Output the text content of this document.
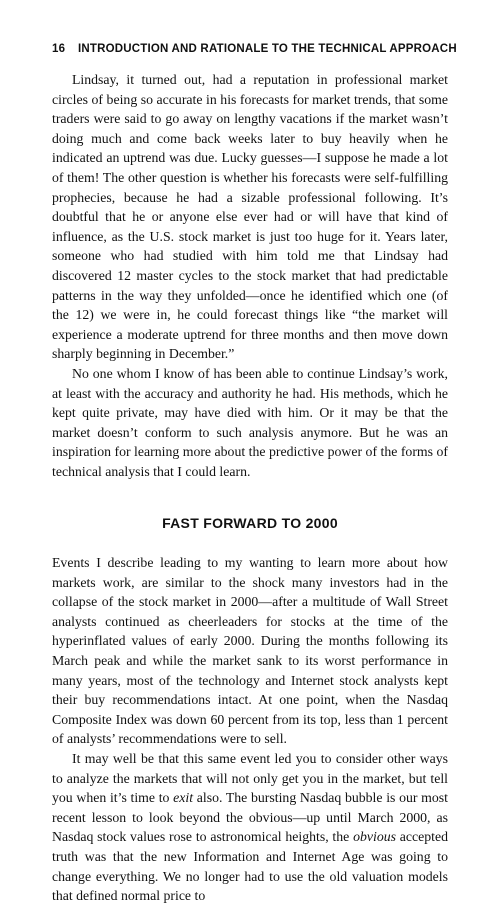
16 INTRODUCTION AND RATIONALE TO THE TECHNICAL APPROACH

Lindsay, it turned out, had a reputation in professional market circles of being so accurate in his forecasts for market trends, that some traders were said to go away on lengthy vacations if the market wasn’t doing much and come back weeks later to buy heavily when he indicated an uptrend was due. Lucky guesses—I suppose he made a lot of them! The other question is whether his forecasts were self-fulfilling prophecies, because he had a sizable professional following. It’s doubtful that he or anyone else ever had or will have that kind of influence, as the U.S. stock market is just too huge for it. Years later, someone who had studied with him told me that Lindsay had discovered 12 master cycles to the stock market that had predictable patterns in the way they unfolded—once he identified which one (of the 12) we were in, he could forecast things like “the market will experience a moderate uptrend for three months and then move down sharply beginning in December.”

No one whom I know of has been able to continue Lindsay’s work, at least with the accuracy and authority he had. His methods, which he kept quite private, may have died with him. Or it may be that the market doesn’t conform to such analysis anymore. But he was an inspiration for learning more about the predictive power of the forms of technical analysis that I could learn.

FAST FORWARD TO 2000

Events I describe leading to my wanting to learn more about how markets work, are similar to the shock many investors had in the collapse of the stock market in 2000—after a multitude of Wall Street analysts continued as cheerleaders for stocks at the time of the hyperinflated values of early 2000. During the months following its March peak and while the market sank to its worst performance in many years, most of the technology and Internet stock analysts kept their buy recommendations intact. At one point, when the Nasdaq Composite Index was down 60 percent from its top, less than 1 percent of analysts’ recommendations were to sell.

It may well be that this same event led you to consider other ways to analyze the markets that will not only get you in the market, but tell you when it’s time to exit also. The bursting Nasdaq bubble is our most recent lesson to look beyond the obvious—up until March 2000, as Nasdaq stock values rose to astronomical heights, the obvious accepted truth was that the new Information and Internet Age was going to change everything. We no longer had to use the old valuation models that defined normal price to
